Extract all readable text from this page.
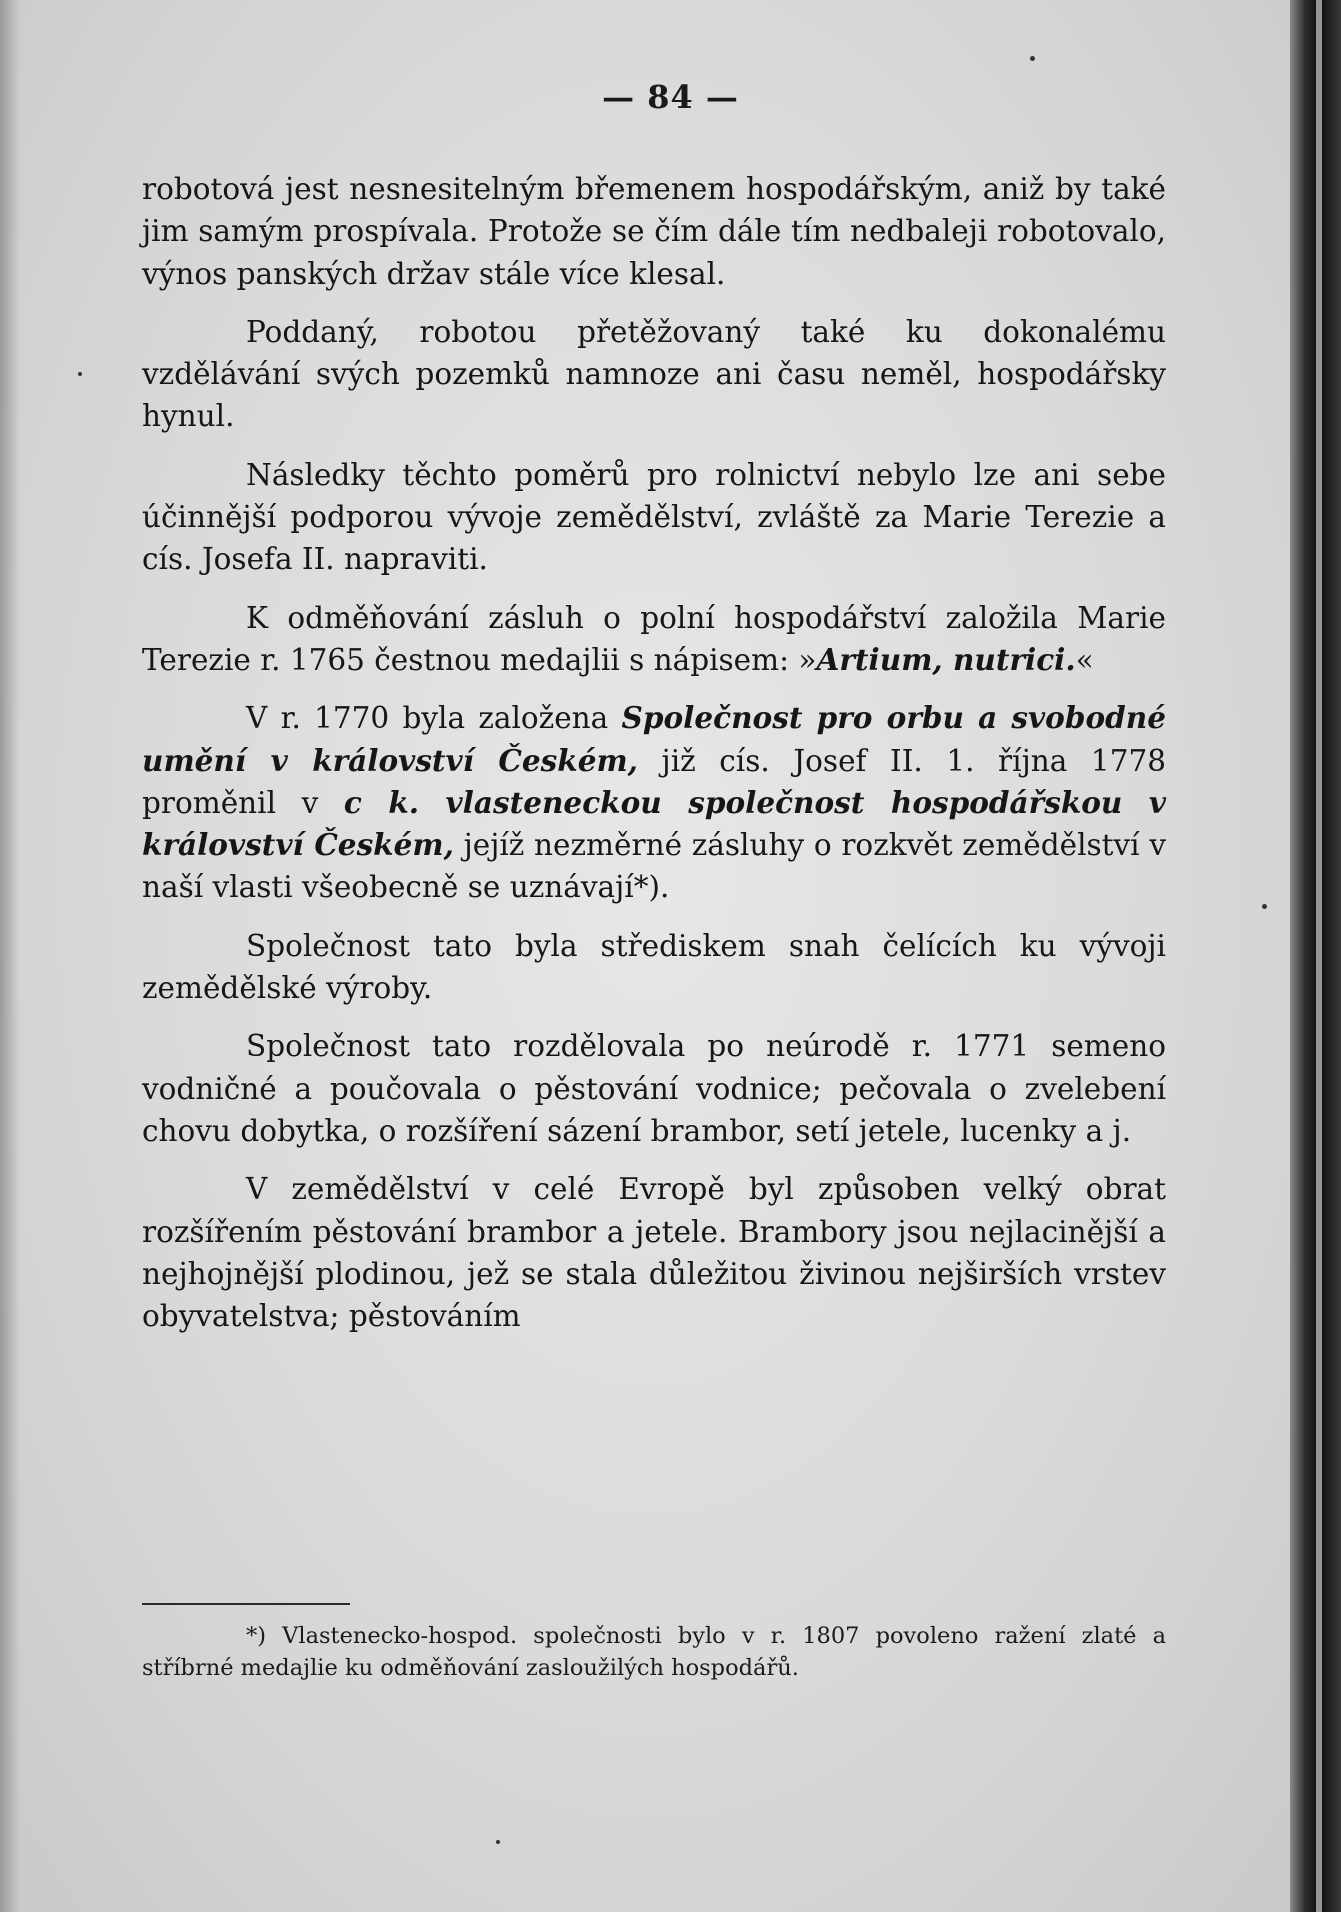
— 84 —

robotová jest nesnesitelným břemenem hospodářským, aniž by také jim samým prospívala. Protože se čím dále tím nedbaleji robotovalo, výnos panských držav stále více klesal.

Poddaný, robotou přetěžovaný také ku dokonalému vzdělávání svých pozemků namnoze ani času neměl, hospodářsky hynul.

Následky těchto poměrů pro rolnictví nebylo lze ani sebe účinnější podporou vývoje zemědělství, zvláště za Marie Terezie a cís. Josefa II. napraviti.

K odměňování zásluh o polní hospodářství založila Marie Terezie r. 1765 čestnou medajlii s nápisem: »Artium, nutrici.«

V r. 1770 byla založena Společnost pro orbu a svobodné umění v království Českém, již cís. Josef II. 1. října 1778 proměnil v c k. vlasteneckou společnost hospodářskou v království Českém, jejíž nezměrné zásluhy o rozkvět zemědělství v naší vlasti všeobecně se uznávají*).

Společnost tato byla střediskem snah čelících ku vývoji zemědělské výroby.

Společnost tato rozdělovala po neúrodě r. 1771 semeno vodničné a poučovala o pěstování vodnice; pečovala o zvelebení chovu dobytka, o rozšíření sázení brambor, setí jetele, lucenky a j.

V zemědělství v celé Evropě byl způsoben velký obrat rozšířením pěstování brambor a jetele. Brambory jsou nejlacinější a nejhojnější plodinou, jež se stala důležitou živinou nejširších vrstev obyvatelstva; pěstováním

*) Vlastenecko-hospod. společnosti bylo v r. 1807 povoleno ražení zlaté a stříbrné medajlie ku odměňování zasloužilých hospodářů.
